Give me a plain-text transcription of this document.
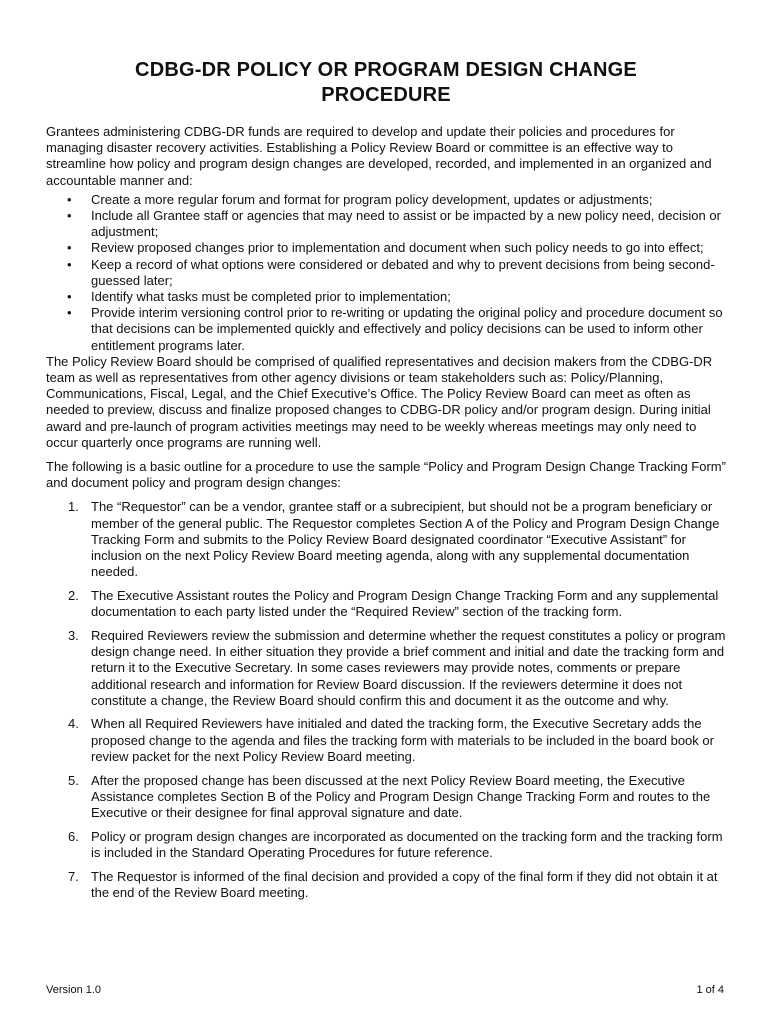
CDBG-DR POLICY OR PROGRAM DESIGN CHANGE PROCEDURE

Grantees administering CDBG-DR funds are required to develop and update their policies and procedures for managing disaster recovery activities. Establishing a Policy Review Board or committee is an effective way to streamline how policy and program design changes are developed, recorded, and implemented in an organized and accountable manner and:

• Create a more regular forum and format for program policy development, updates or adjustments;
• Include all Grantee staff or agencies that may need to assist or be impacted by a new policy need, decision or adjustment;
• Review proposed changes prior to implementation and document when such policy needs to go into effect;
• Keep a record of what options were considered or debated and why to prevent decisions from being second-guessed later;
• Identify what tasks must be completed prior to implementation;
• Provide interim versioning control prior to re-writing or updating the original policy and procedure document so that decisions can be implemented quickly and effectively and policy decisions can be used to inform other entitlement programs later.

The Policy Review Board should be comprised of qualified representatives and decision makers from the CDBG-DR team as well as representatives from other agency divisions or team stakeholders such as: Policy/Planning, Communications, Fiscal, Legal, and the Chief Executive’s Office. The Policy Review Board can meet as often as needed to preview, discuss and finalize proposed changes to CDBG-DR policy and/or program design. During initial award and pre-launch of program activities meetings may need to be weekly whereas meetings may only need to occur quarterly once programs are running well.

The following is a basic outline for a procedure to use the sample “Policy and Program Design Change Tracking Form” and document policy and program design changes:

1. The “Requestor” can be a vendor, grantee staff or a subrecipient, but should not be a program beneficiary or member of the general public. The Requestor completes Section A of the Policy and Program Design Change Tracking Form and submits to the Policy Review Board designated coordinator “Executive Assistant” for inclusion on the next Policy Review Board meeting agenda, along with any supplemental documentation needed.
2. The Executive Assistant routes the Policy and Program Design Change Tracking Form and any supplemental documentation to each party listed under the “Required Review” section of the tracking form.
3. Required Reviewers review the submission and determine whether the request constitutes a policy or program design change need. In either situation they provide a brief comment and initial and date the tracking form and return it to the Executive Secretary. In some cases reviewers may provide notes, comments or prepare additional research and information for Review Board discussion. If the reviewers determine it does not constitute a change, the Review Board should confirm this and document it as the outcome and why.
4. When all Required Reviewers have initialed and dated the tracking form, the Executive Secretary adds the proposed change to the agenda and files the tracking form with materials to be included in the board book or review packet for the next Policy Review Board meeting.
5. After the proposed change has been discussed at the next Policy Review Board meeting, the Executive Assistance completes Section B of the Policy and Program Design Change Tracking Form and routes to the Executive or their designee for final approval signature and date.
6. Policy or program design changes are incorporated as documented on the tracking form and the tracking form is included in the Standard Operating Procedures for future reference.
7. The Requestor is informed of the final decision and provided a copy of the final form if they did not obtain it at the end of the Review Board meeting.
Version 1.0	1 of 4
